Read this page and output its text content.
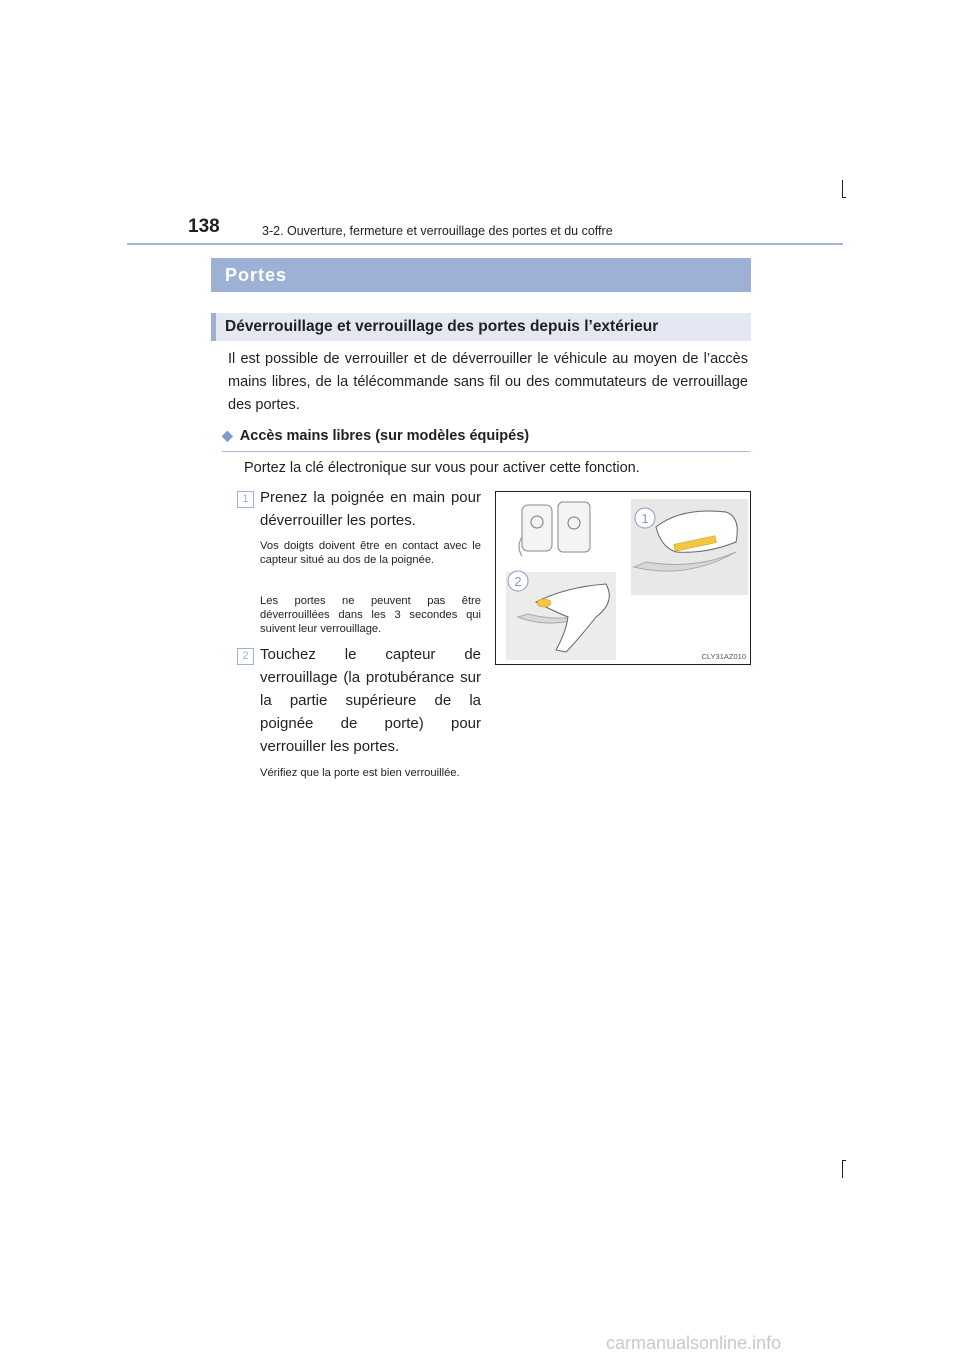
138	3-2. Ouverture, fermeture et verrouillage des portes et du coffre
Portes
Déverrouillage et verrouillage des portes depuis l’extérieur
Il est possible de verrouiller et de déverrouiller le véhicule au moyen de l’accès mains libres, de la télécommande sans fil ou des commutateurs de verrouillage des portes.
◆ Accès mains libres (sur modèles équipés)
Portez la clé électronique sur vous pour activer cette fonction.
1 Prenez la poignée en main pour déverrouiller les portes.
Vos doigts doivent être en contact avec le capteur situé au dos de la poignée.
Les portes ne peuvent pas être déverrouillées dans les 3 secondes qui suivent leur verrouillage.
2 Touchez le capteur de verrouillage (la protubérance sur la partie supérieure de la poignée de porte) pour verrouiller les portes.
Vérifiez que la porte est bien verrouillée.
1
2
CLY31AZ010
carmanualsonline.info
